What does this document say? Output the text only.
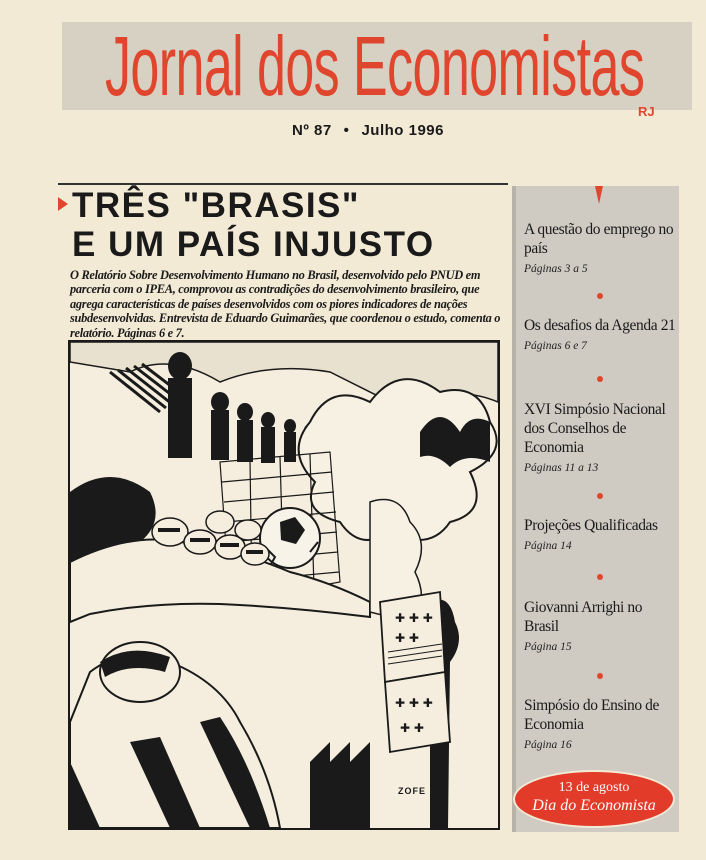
Jornal dos Economistas
RJ
Nº 87 • Julho 1996
TRÊS "BRASIS"
E UM PAÍS INJUSTO
O Relatório Sobre Desenvolvimento Humano no Brasil, desenvolvido pelo PNUD em parceria com o IPEA, comprovou as contradições do desenvolvimento brasileiro, que agrega características de países desenvolvidos com os piores indicadores de nações subdesenvolvidas. Entrevista de Eduardo Guimarães, que coordenou o estudo, comenta o relatório. Páginas 6 e 7.
✚ ✚ ✚
✚ ✚
✚ ✚ ✚
✚ ✚
ZOFE
A questão do emprego no país
Páginas 3 a 5
Os desafios da Agenda 21
Páginas 6 e 7
XVI Simpósio Nacional dos Conselhos de Economia
Páginas 11 a 13
Projeções Qualificadas
Página 14
Giovanni Arrighi no Brasil
Página 15
Simpósio do Ensino de Economia
Página 16
13 de agosto
Dia do Economista
